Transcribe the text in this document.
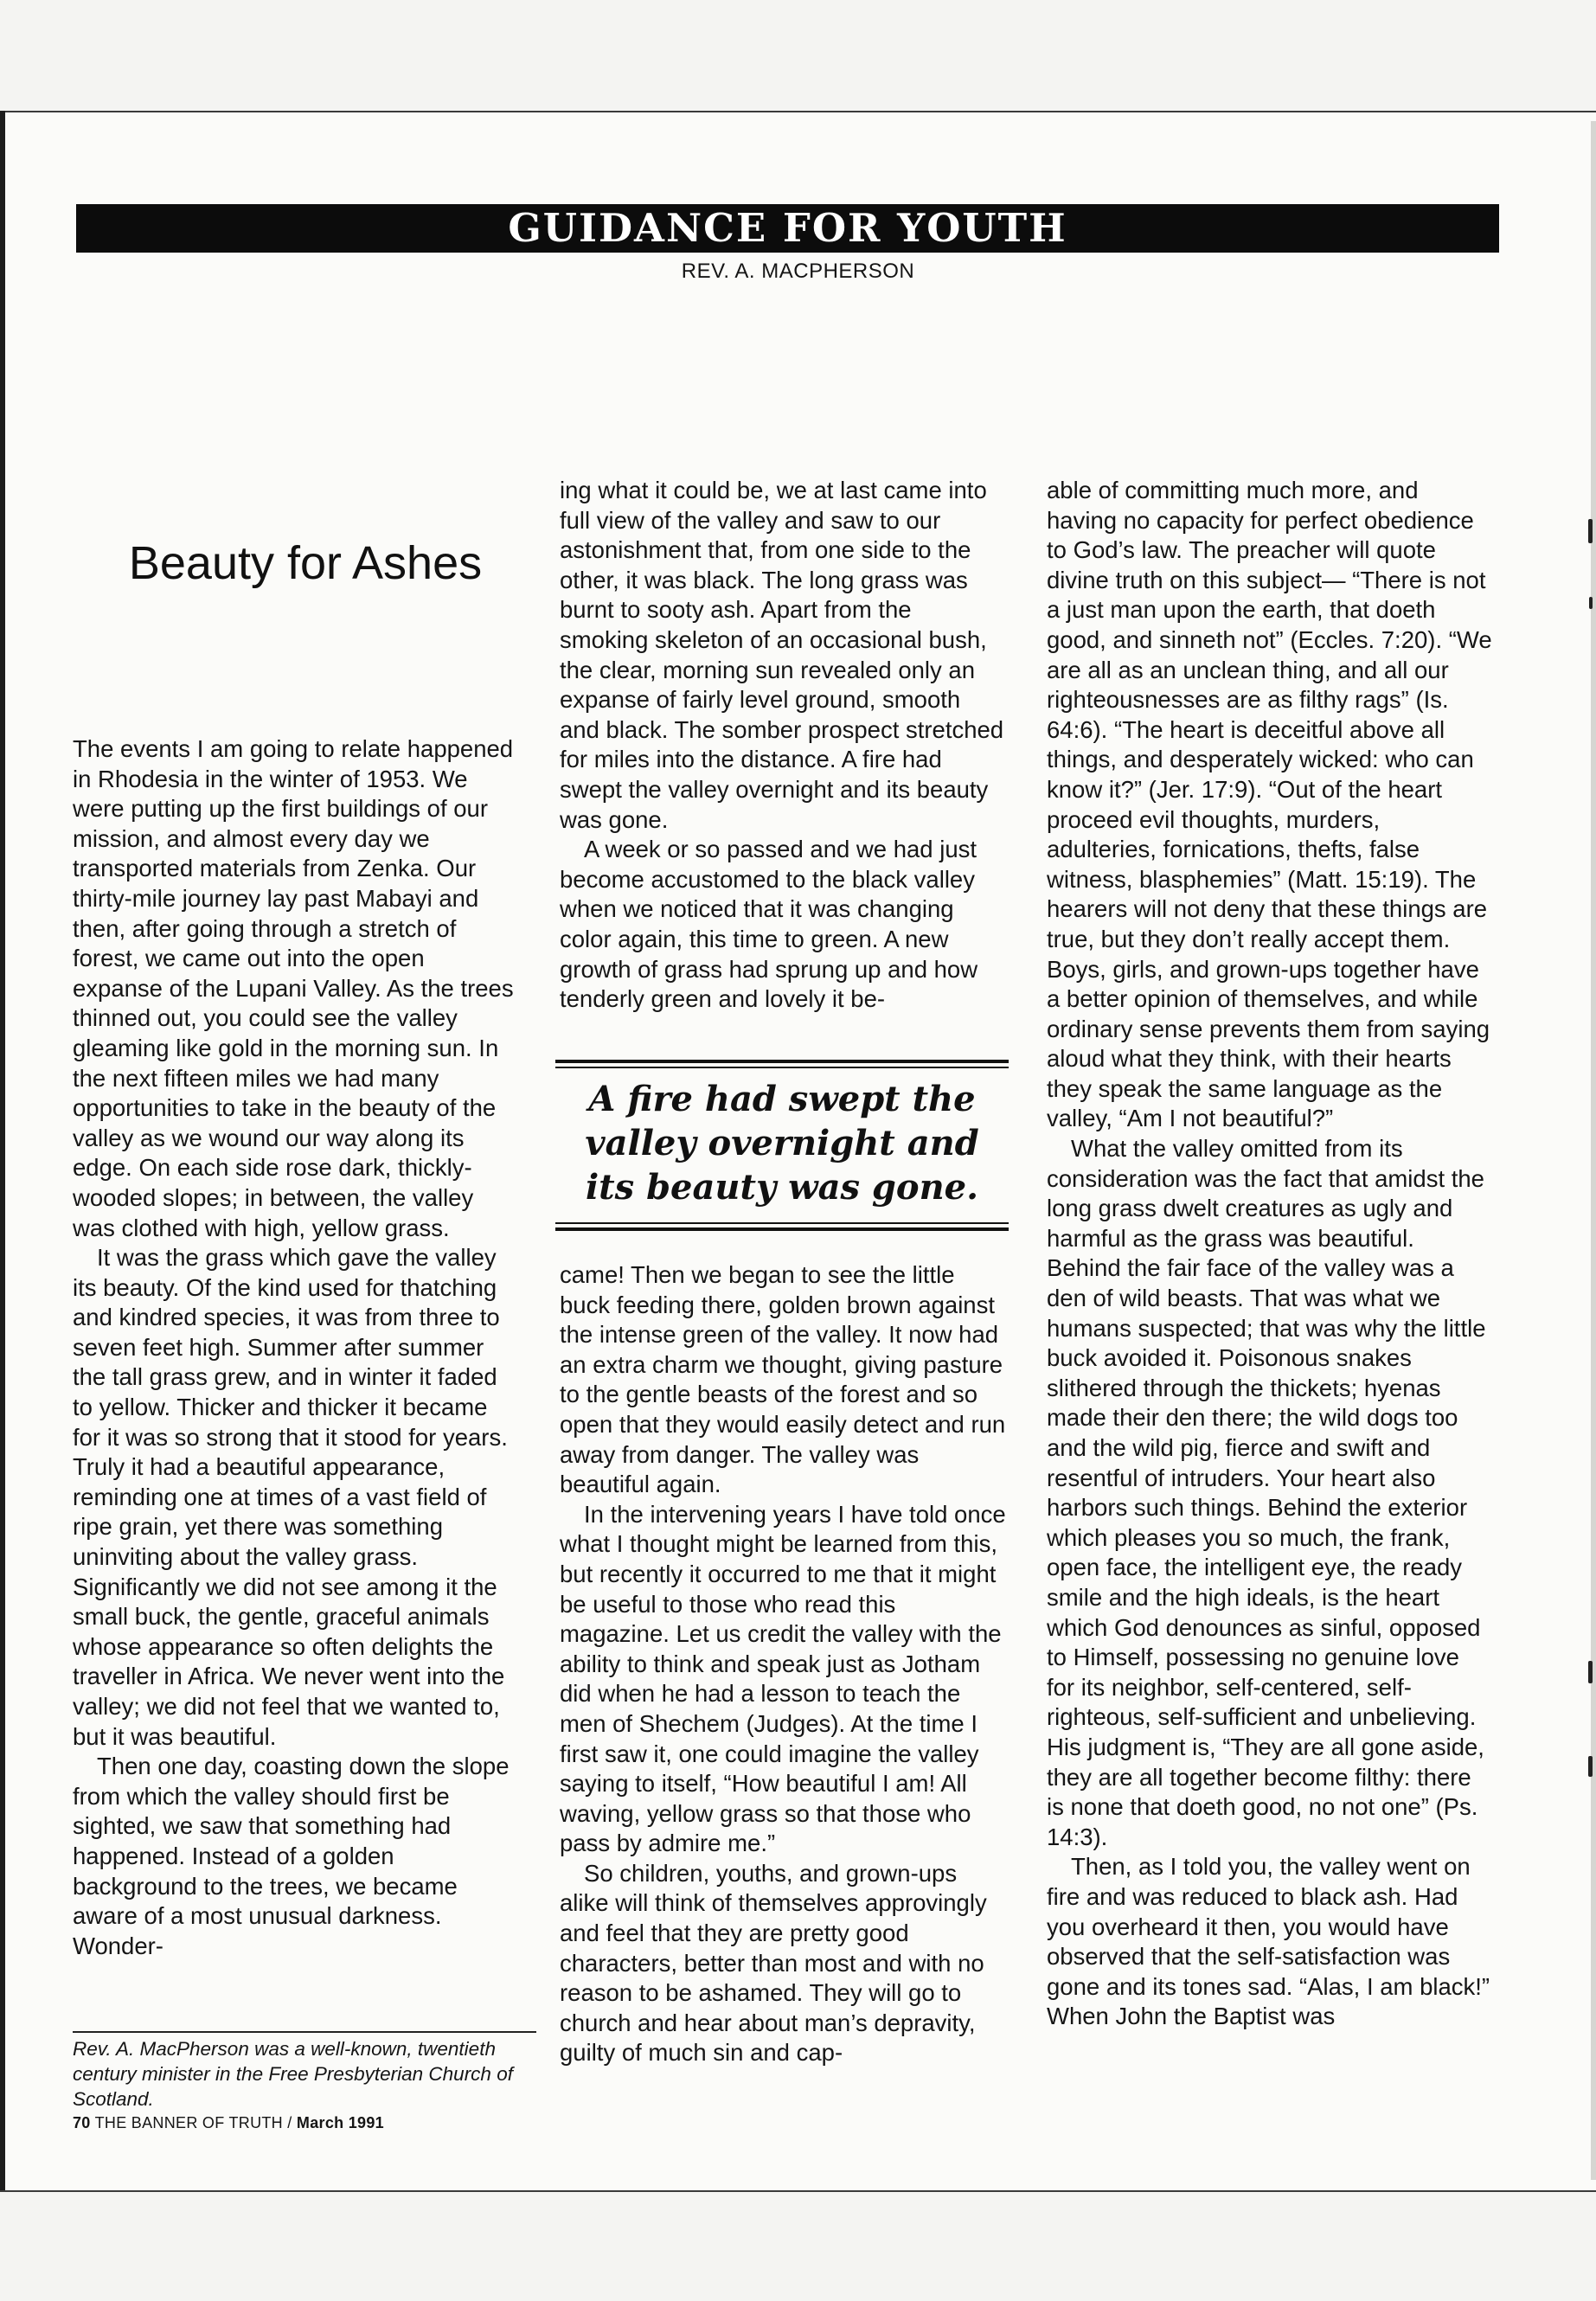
GUIDANCE FOR YOUTH
REV. A. MACPHERSON
Beauty for Ashes

The events I am going to relate happened in Rhodesia in the winter of 1953. We were putting up the first buildings of our mission, and almost every day we transported materials from Zenka. Our thirty-mile journey lay past Mabayi and then, after going through a stretch of forest, we came out into the open expanse of the Lupani Valley. As the trees thinned out, you could see the valley gleaming like gold in the morning sun. In the next fifteen miles we had many opportunities to take in the beauty of the valley as we wound our way along its edge. On each side rose dark, thickly-wooded slopes; in between, the valley was clothed with high, yellow grass.

It was the grass which gave the valley its beauty. Of the kind used for thatching and kindred species, it was from three to seven feet high. Summer after summer the tall grass grew, and in winter it faded to yellow. Thicker and thicker it became for it was so strong that it stood for years. Truly it had a beautiful appearance, reminding one at times of a vast field of ripe grain, yet there was something uninviting about the valley grass. Significantly we did not see among it the small buck, the gentle, graceful animals whose appearance so often delights the traveller in Africa. We never went into the valley; we did not feel that we wanted to, but it was beautiful.

Then one day, coasting down the slope from which the valley should first be sighted, we saw that something had happened. Instead of a golden background to the trees, we became aware of a most unusual darkness. Wonder-

ing what it could be, we at last came into full view of the valley and saw to our astonishment that, from one side to the other, it was black. The long grass was burnt to sooty ash. Apart from the smoking skeleton of an occasional bush, the clear, morning sun revealed only an expanse of fairly level ground, smooth and black. The somber prospect stretched for miles into the distance. A fire had swept the valley overnight and its beauty was gone.

A week or so passed and we had just become accustomed to the black valley when we noticed that it was changing color again, this time to green. A new growth of grass had sprung up and how tenderly green and lovely it be-

A fire had swept the valley overnight and its beauty was gone.

came! Then we began to see the little buck feeding there, golden brown against the intense green of the valley. It now had an extra charm we thought, giving pasture to the gentle beasts of the forest and so open that they would easily detect and run away from danger. The valley was beautiful again.

In the intervening years I have told once what I thought might be learned from this, but recently it occurred to me that it might be useful to those who read this magazine. Let us credit the valley with the ability to think and speak just as Jotham did when he had a lesson to teach the men of Shechem (Judges). At the time I first saw it, one could imagine the valley saying to itself, “How beautiful I am! All waving, yellow grass so that those who pass by admire me.”

So children, youths, and grown-ups alike will think of themselves approvingly and feel that they are pretty good characters, better than most and with no reason to be ashamed. They will go to church and hear about man’s depravity, guilty of much sin and cap-

able of committing much more, and having no capacity for perfect obedience to God’s law. The preacher will quote divine truth on this subject— “There is not a just man upon the earth, that doeth good, and sinneth not” (Eccles. 7:20). “We are all as an unclean thing, and all our righteousnesses are as filthy rags” (Is. 64:6). “The heart is deceitful above all things, and desperately wicked: who can know it?” (Jer. 17:9). “Out of the heart proceed evil thoughts, murders, adulteries, fornications, thefts, false witness, blasphemies” (Matt. 15:19). The hearers will not deny that these things are true, but they don’t really accept them. Boys, girls, and grown-ups together have a better opinion of themselves, and while ordinary sense prevents them from saying aloud what they think, with their hearts they speak the same language as the valley, “Am I not beautiful?”

What the valley omitted from its consideration was the fact that amidst the long grass dwelt creatures as ugly and harmful as the grass was beautiful. Behind the fair face of the valley was a den of wild beasts. That was what we humans suspected; that was why the little buck avoided it. Poisonous snakes slithered through the thickets; hyenas made their den there; the wild dogs too and the wild pig, fierce and swift and resentful of intruders. Your heart also harbors such things. Behind the exterior which pleases you so much, the frank, open face, the intelligent eye, the ready smile and the high ideals, is the heart which God denounces as sinful, opposed to Himself, possessing no genuine love for its neighbor, self-centered, self-righteous, self-sufficient and unbelieving. His judgment is, “They are all gone aside, they are all together become filthy: there is none that doeth good, no not one” (Ps. 14:3).

Then, as I told you, the valley went on fire and was reduced to black ash. Had you overheard it then, you would have observed that the self-satisfaction was gone and its tones sad. “Alas, I am black!” When John the Baptist was

Rev. A. MacPherson was a well-known, twentieth century minister in the Free Presbyterian Church of Scotland.
70 THE BANNER OF TRUTH / March 1991
